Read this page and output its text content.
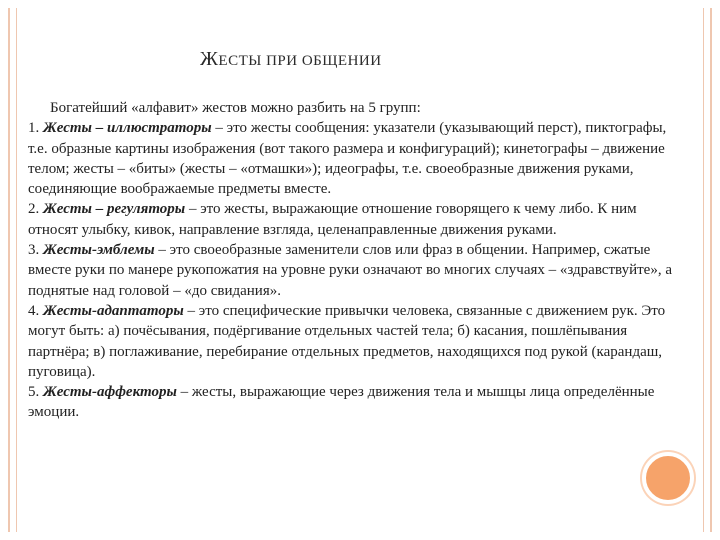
ЖЕСТЫ ПРИ ОБЩЕНИИ

Богатейший «алфавит» жестов можно разбить на 5 групп:

1. Жесты – иллюстраторы – это жесты сообщения: указатели (указывающий перст), пиктографы, т.е. образные картины изображения (вот такого размера и конфигураций); кинетографы – движение телом; жесты – «биты» (жесты – «отмашки»); идеографы, т.е. своеобразные движения руками, соединяющие воображаемые предметы вместе.

2. Жесты – регуляторы – это жесты, выражающие отношение говорящего к чему либо. К ним относят улыбку, кивок, направление взгляда, целенаправленные движения руками.

3. Жесты-эмблемы – это своеобразные заменители слов или фраз в общении. Например, сжатые вместе руки по манере рукопожатия на уровне руки означают во многих случаях – «здравствуйте», а поднятые над головой – «до свидания».

4. Жесты-адаптаторы – это специфические привычки человека, связанные с движением рук. Это могут быть: а) почёсывания, подёргивание отдельных частей тела; б) касания, пошлёпывания партнёра; в) поглаживание, перебирание отдельных предметов, находящихся под рукой (карандаш, пуговица).

5. Жесты-аффекторы – жесты, выражающие через движения тела и мышцы лица определённые эмоции.
